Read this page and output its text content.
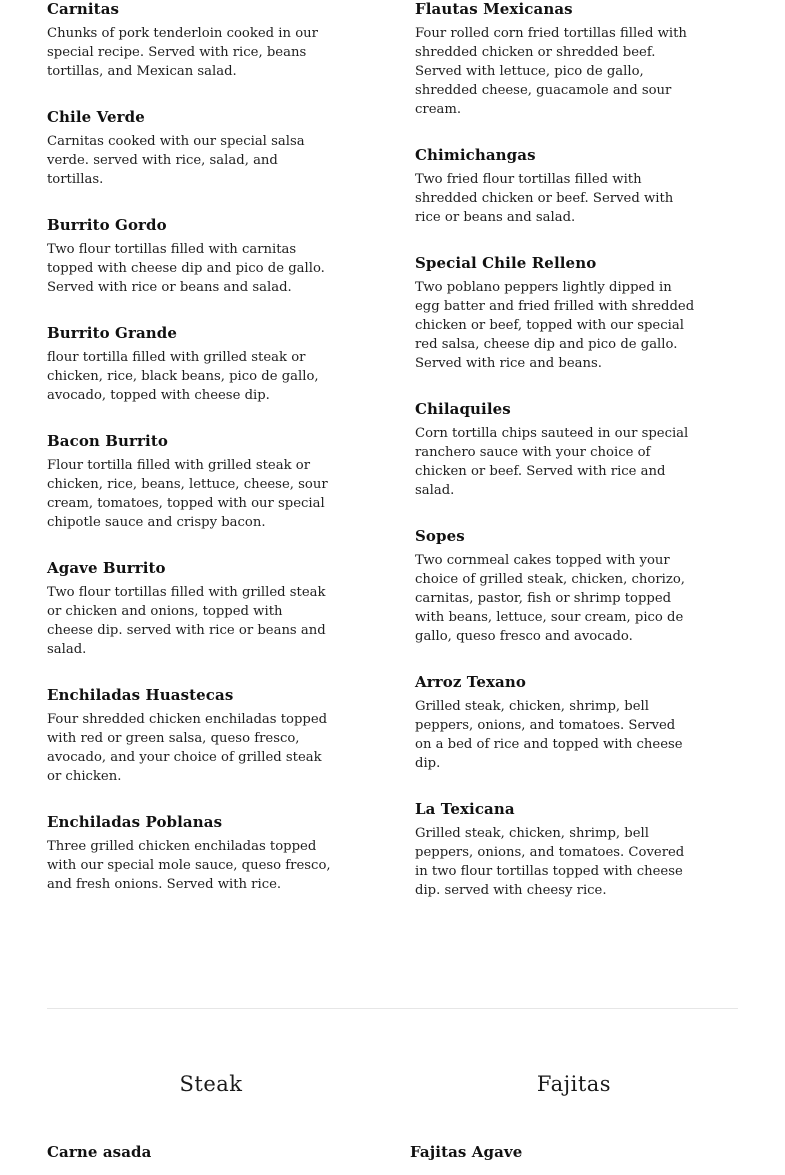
Carnitas

Chunks of pork tenderloin cooked in our special recipe. Served with rice, beans tortillas, and Mexican salad.

Chile Verde

Carnitas cooked with our special salsa verde. served with rice, salad, and tortillas.

Burrito Gordo

Two flour tortillas filled with carnitas topped with cheese dip and pico de gallo. Served with rice or beans and salad.

Burrito Grande

flour tortilla filled with grilled steak or chicken, rice, black beans, pico de gallo, avocado, topped with cheese dip.

Bacon Burrito

Flour tortilla filled with grilled steak or chicken, rice, beans, lettuce, cheese, sour cream, tomatoes, topped with our special chipotle sauce and crispy bacon.

Agave Burrito

Two flour tortillas filled with grilled steak or chicken and onions, topped with cheese dip. served with rice or beans and salad.

Enchiladas Huastecas

Four shredded chicken enchiladas topped with red or green salsa, queso fresco, avocado, and your choice of grilled steak or chicken.

Enchiladas Poblanas

Three grilled chicken enchiladas topped with our special mole sauce, queso fresco, and fresh onions. Served with rice.

Flautas Mexicanas

Four rolled corn fried tortillas filled with shredded chicken or shredded beef. Served with lettuce, pico de gallo, shredded cheese, guacamole and sour cream.

Chimichangas

Two fried flour tortillas filled with shredded chicken or beef. Served with rice or beans and salad.

Special Chile Relleno

Two poblano peppers lightly dipped in egg batter and fried frilled with shredded chicken or beef, topped with our special red salsa, cheese dip and pico de gallo. Served with rice and beans.

Chilaquiles

Corn tortilla chips sauteed in our special ranchero sauce with your choice of chicken or beef. Served with rice and salad.

Sopes

Two cornmeal cakes topped with your choice of grilled steak, chicken, chorizo, carnitas, pastor, fish or shrimp topped with beans, lettuce, sour cream, pico de gallo, queso fresco and avocado.

Arroz Texano

Grilled steak, chicken, shrimp, bell peppers, onions, and tomatoes. Served on a bed of rice and topped with cheese dip.

La Texicana

Grilled steak, chicken, shrimp, bell peppers, onions, and tomatoes. Covered in two flour tortillas topped with cheese dip. served with cheesy rice.

Steak	Fajitas
Carne asada	Fajitas Agave
